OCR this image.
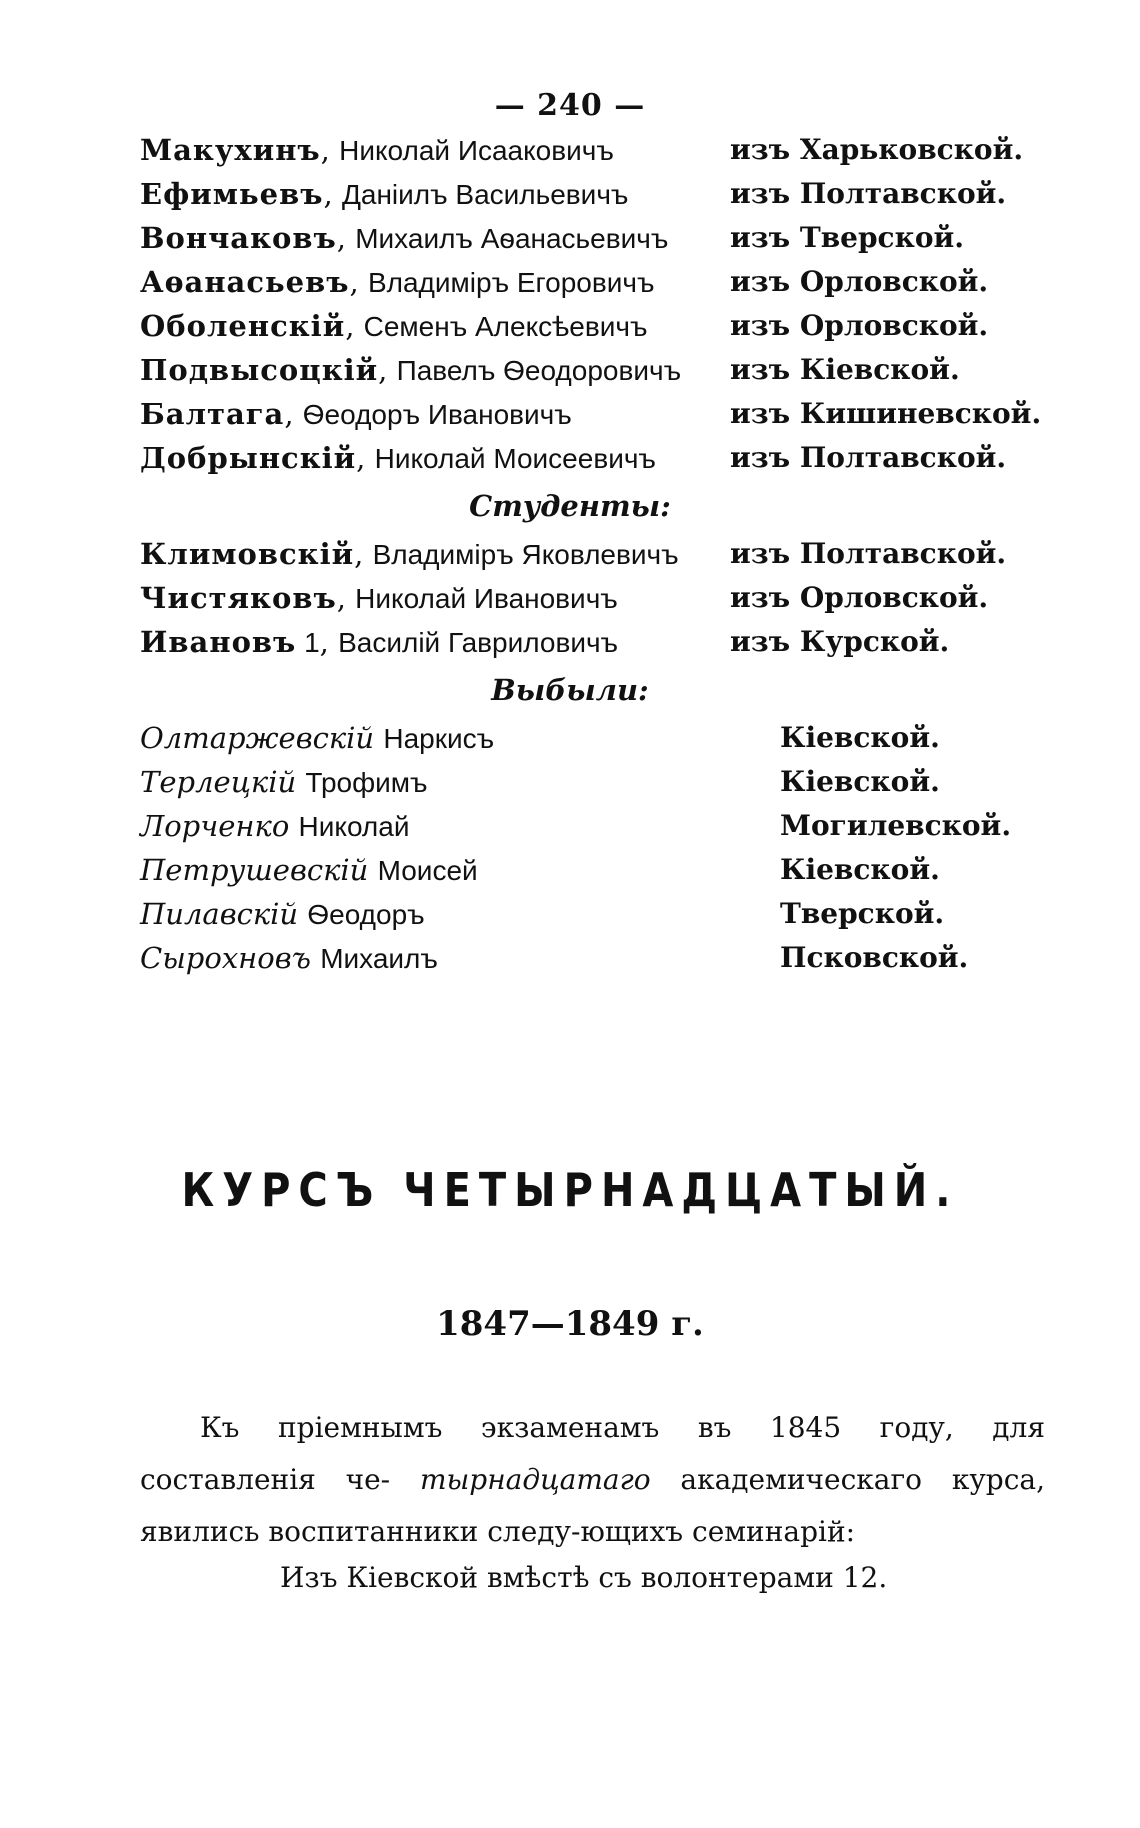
— 240 —
Макухинъ, Николай Исааковичъ	изъ Харьковской.
Ефимьевъ, Данiилъ Васильевичъ	изъ Полтавской.
Вончаковъ, Михаилъ Аѳанасьевичъ изъ Тверской.
Аѳанасьевъ, Владимiръ Егоровичъ	изъ Орловской.
Оболенскiй, Семенъ Алексѣевичъ	изъ Орловской.
Подвысоцкiй, Павелъ Ѳеодоровичъ изъ Кiевской.
Балтага, Ѳеодоръ Ивановичъ	изъ Кишиневской.
Добрынскiй, Николай Моисеевичъ	изъ Полтавской.
Студенты:
Климовскiй, Владимiръ Яковлевичъ изъ Полтавской.
Чистяковъ, Николай Ивановичъ	изъ Орловской.
Ивановъ 1, Василiй Гавриловичъ	изъ Курской.
Выбыли:
Олтаржевскiй Наркисъ	Кiевской.
Терлецкiй Трофимъ	Кiевской.
Лорченко Николай	Могилевской.
Петрушевскiй Моисей	Кiевской.
Пилавскiй Ѳеодоръ	Тверской.
Сырохновъ Михаилъ	Псковской.
КУРСЪ ЧЕТЫРНАДЦАТЫЙ.
1847—1849 г.
Къ прiемнымъ экзаменамъ въ 1845 году, для составленiя че- тырнадцатаго академическаго курса, явились воспитанники следу-ющихъ семинарiй:
Изъ Кiевской вмѣстѣ съ волонтерами 12.
